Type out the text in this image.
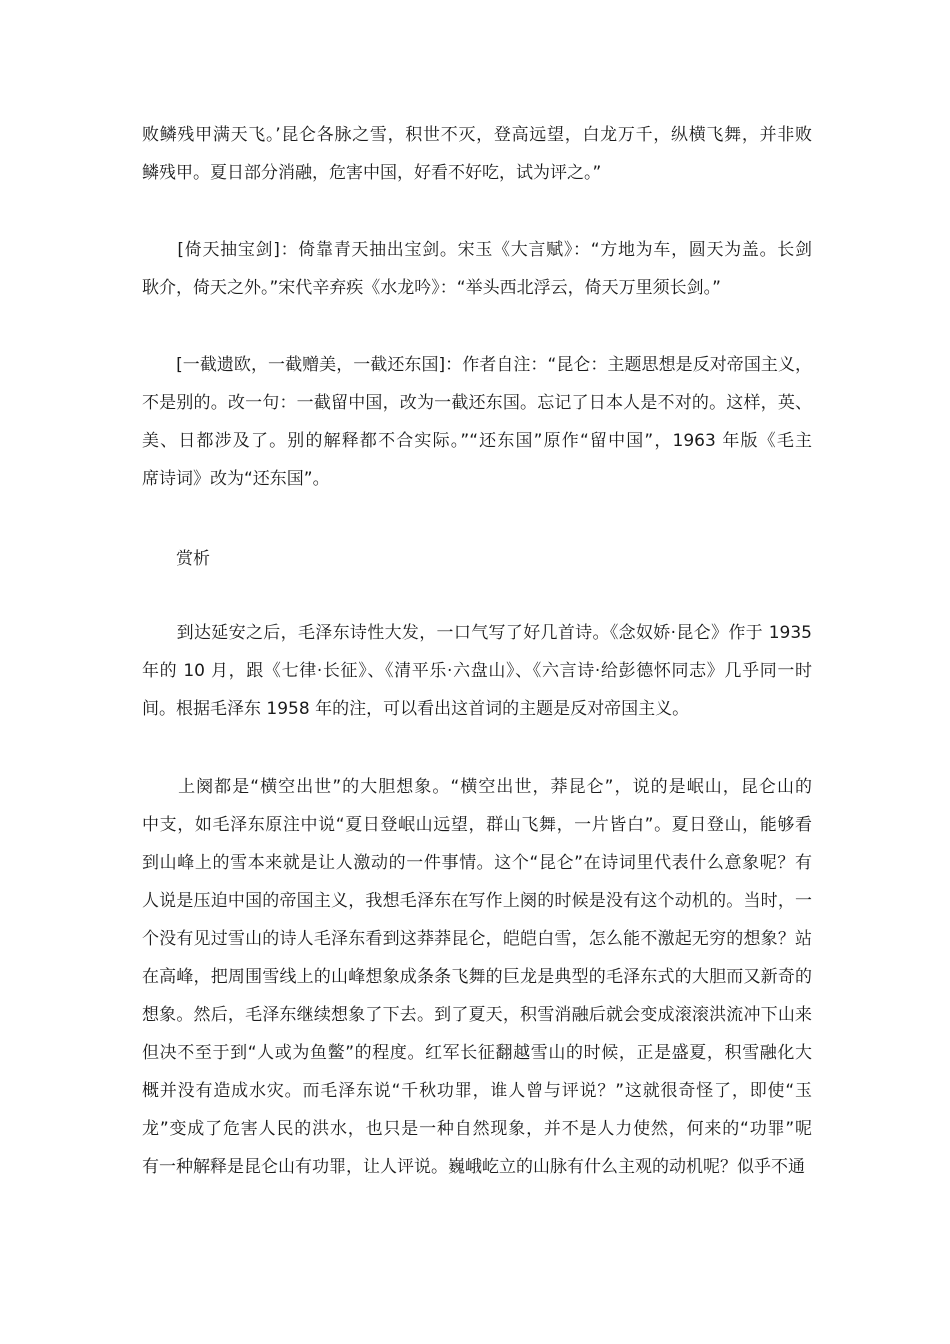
败鳞残甲满天飞。’昆仑各脉之雪，积世不灭，登高远望，白龙万千，纵横飞舞，并非败
鳞残甲。夏日部分消融，危害中国，好看不好吃，试为评之。”
　　[倚天抽宝剑]：倚靠青天抽出宝剑。宋玉《大言赋》：“方地为车，圆天为盖。长剑
耿介，倚天之外。”宋代辛弃疾《水龙吟》：“举头西北浮云，倚天万里须长剑。”
　　[一截遗欧，一截赠美，一截还东国]：作者自注：“昆仑：主题思想是反对帝国主义，
不是别的。改一句：一截留中国，改为一截还东国。忘记了日本人是不对的。这样，英、
美、日都涉及了。别的解释都不合实际。”“还东国”原作“留中国”，1963 年版《毛主
席诗词》改为“还东国”。
　　赏析
　　到达延安之后，毛泽东诗性大发，一口气写了好几首诗。《念奴娇·昆仑》作于 1935
年的 10 月，跟《七律·长征》、《清平乐·六盘山》、《六言诗·给彭德怀同志》几乎同一时
间。根据毛泽东 1958 年的注，可以看出这首词的主题是反对帝国主义。
　　上阕都是“横空出世”的大胆想象。“横空出世，莽昆仑”，说的是岷山，昆仑山的
中支，如毛泽东原注中说“夏日登岷山远望，群山飞舞，一片皆白”。夏日登山，能够看
到山峰上的雪本来就是让人激动的一件事情。这个“昆仑”在诗词里代表什么意象呢？有
人说是压迫中国的帝国主义，我想毛泽东在写作上阕的时候是没有这个动机的。当时，一
个没有见过雪山的诗人毛泽东看到这莽莽昆仑，皑皑白雪，怎么能不激起无穷的想象？站
在高峰，把周围雪线上的山峰想象成条条飞舞的巨龙是典型的毛泽东式的大胆而又新奇的
想象。然后，毛泽东继续想象了下去。到了夏天，积雪消融后就会变成滚滚洪流冲下山来
但决不至于到“人或为鱼鳖”的程度。红军长征翻越雪山的时候，正是盛夏，积雪融化大
概并没有造成水灾。而毛泽东说“千秋功罪，谁人曾与评说？”这就很奇怪了，即使“玉
龙”变成了危害人民的洪水，也只是一种自然现象，并不是人力使然，何来的“功罪”呢
有一种解释是昆仑山有功罪，让人评说。巍峨屹立的山脉有什么主观的动机呢？似乎不通
